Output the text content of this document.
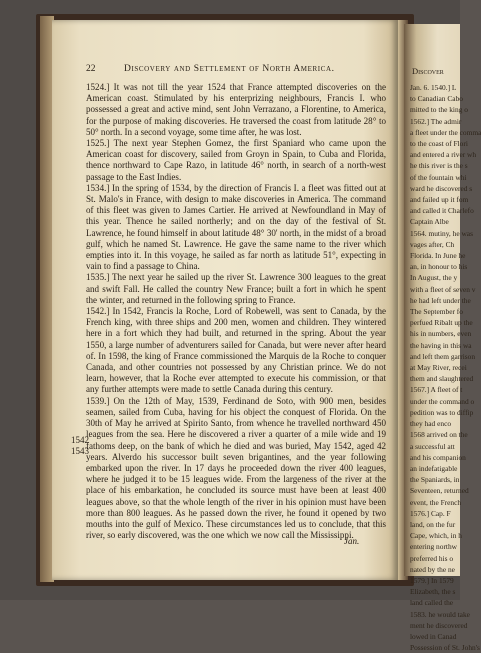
Discover
Jan. 6. 1540.] L
to Canadian Cabo
mitted to the king o
1562.] The admir
a fleet under the comma
to the coast of Flori
and entered a river wh
he this river is the s
of the fountain whi
ward he discovered s
and failed up it fom
and called it Charlefo
Captain Albe
1564. mutiny, he was
vages after, Ch
Florida. In June he
an, in honour to his
In August, the y
with a fleet of seven v
he had left under the
The September fo
perfued Ribalt up the
his in numbers, even
the having in this wa
and left them garrison
at May River, recei
them and slaughtered
1567.] A fleet of t
under the command o
pedition was to diffip
they had enco
1568 arrived on the
a successful att
and his companion
an indefatigable
the Spaniards, in
Seventeen, returned
event, the French
1576.] Cap. F
land, on the fur
Cape, which, in h
entering northw
preferred his o
nated by the ne
1579.] In 1579
Elizabeth, the s
land called the
1583. he would take
ment he discovered
lowed in Canad
Possession of St. John's
22	Discovery and Settlement of North America.

1524.] It was not till the year 1524 that France attempted discoveries on the American coast. Stimulated by his enterprizing neighbours, Francis I. who possessed a great and active mind, sent John Verrazano, a Florentine, to America, for the purpose of making discoveries. He traversed the coast from latitude 28° to 50° north. In a second voyage, some time after, he was lost.

1525.] The next year Stephen Gomez, the first Spaniard who came upon the American coast for discovery, sailed from Groyn in Spain, to Cuba and Florida, thence northward to Cape Razo, in latitude 46° north, in search of a north-west passage to the East Indies.

1534.] In the spring of 1534, by the direction of Francis I. a fleet was fitted out at St. Malo's in France, with design to make discoveries in America. The command of this fleet was given to James Cartier. He arrived at Newfoundland in May of this year. Thence he sailed northerly; and on the day of the festival of St. Lawrence, he found himself in about latitude 48° 30' north, in the midst of a broad gulf, which he named St. Lawrence. He gave the same name to the river which empties into it. In this voyage, he sailed as far north as latitude 51°, expecting in vain to find a passage to China.

1535.] The next year he sailed up the river St. Lawrence 300 leagues to the great and swift Fall. He called the country New France; built a fort in which he spent the winter, and returned in the following spring to France.

1542.] In 1542, Francis la Roche, Lord of Robewell, was sent to Canada, by the French king, with three ships and 200 men, women and children. They wintered here in a fort which they had built, and returned in the spring. About the year 1550, a large number of adventurers sailed for Canada, but were never after heard of. In 1598, the king of France commissioned the Marquis de la Roche to conquer Canada, and other countries not possessed by any Christian prince. We do not learn, however, that la Roche ever attempted to execute his commission, or that any further attempts were made to settle Canada during this century.

1539.] On the 12th of May, 1539, Ferdinand de Soto, with 900 men, besides seamen, sailed from Cuba, having for his object the conquest of Florida. On the 30th of May he arrived at Spirito Santo, from whence he travelled northward 450 leagues from the sea. Here he discovered a river a quarter of a mile wide and 19 fathoms deep, on the bank of which he died and was buried, May 1542, aged 42 years. Alverdo his successor built seven brigantines, and the year following embarked upon the river. In 17 days he proceeded down the river 400 leagues, where he judged it to be 15 leagues wide. From the largeness of the river at the place of his embarkation, he concluded its source must have been at least 400 leagues above, so that the whole length of the river in his opinion must have been more than 800 leagues. As he passed down the river, he found it opened by two mouths into the gulf of Mexico. These circumstances led us to conclude, that this river, so early discovered, was the one which we now call the Mississippi.

1542
1543
Jan.
